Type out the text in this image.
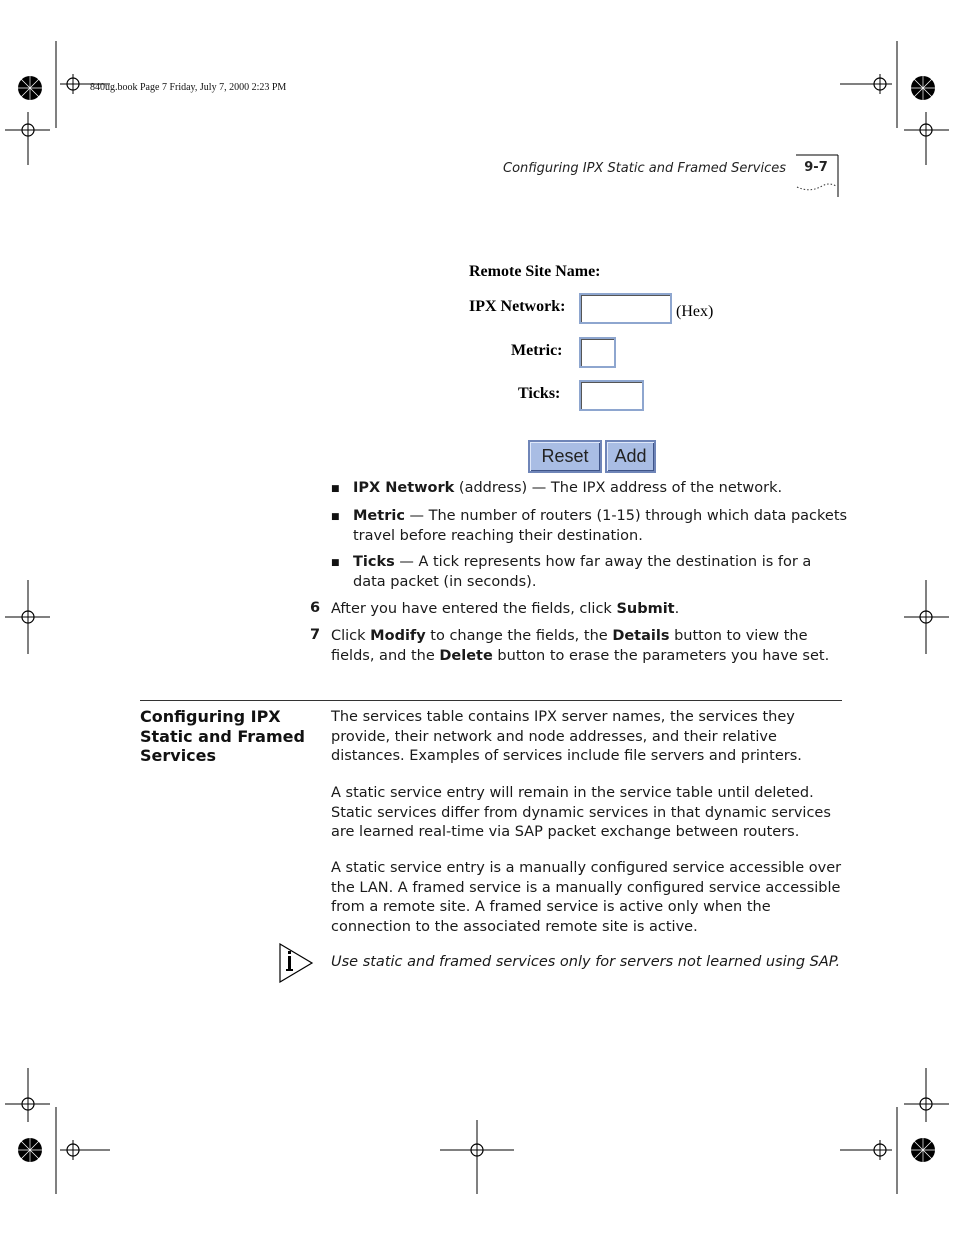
840ug.book Page 7 Friday, July 7, 2000 2:23 PM
Configuring IPX Static and Framed Services	9-7
Remote Site Name:
IPX Network:	(Hex)
Metric:
Ticks:
Reset	Add
■ IPX Network (address) — The IPX address of the network.
■ Metric — The number of routers (1-15) through which data packets travel before reaching their destination.
■ Ticks — A tick represents how far away the destination is for a data packet (in seconds).
6 After you have entered the fields, click Submit.
7 Click Modify to change the fields, the Details button to view the fields, and the Delete button to erase the parameters you have set.
Configuring IPX Static and Framed Services
The services table contains IPX server names, the services they provide, their network and node addresses, and their relative distances. Examples of services include file servers and printers.
A static service entry will remain in the service table until deleted. Static services differ from dynamic services in that dynamic services are learned real-time via SAP packet exchange between routers.
A static service entry is a manually configured service accessible over the LAN. A framed service is a manually configured service accessible from a remote site. A framed service is active only when the connection to the associated remote site is active.
Use static and framed services only for servers not learned using SAP.
